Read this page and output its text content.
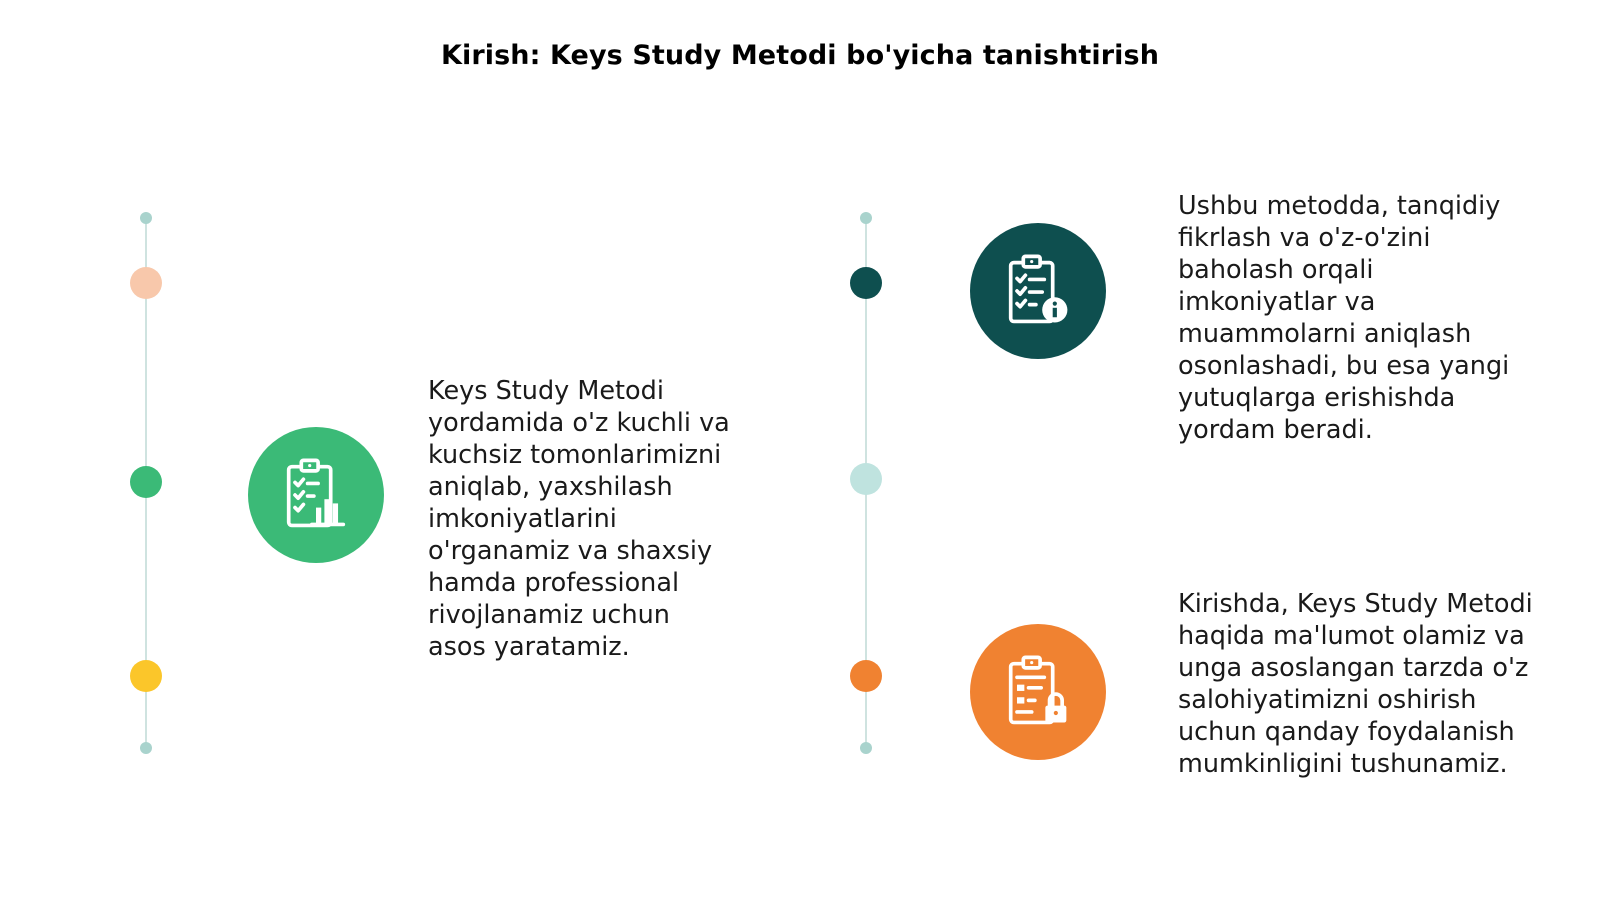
Kirish: Keys Study Metodi bo'yicha tanishtirish

Keys Study Metodi
yordamida o'z kuchli va
kuchsiz tomonlarimizni
aniqlab, yaxshilash
imkoniyatlarini
o'rganamiz va shaxsiy
hamda professional
rivojlanamiz uchun
asos yaratamiz.

Ushbu metodda, tanqidiy
fikrlash va o'z-o'zini
baholash orqali
imkoniyatlar va
muammolarni aniqlash
osonlashadi, bu esa yangi
yutuqlarga erishishda
yordam beradi.

Kirishda, Keys Study Metodi
haqida ma'lumot olamiz va
unga asoslangan tarzda o'z
salohiyatimizni oshirish
uchun qanday foydalanish
mumkinligini tushunamiz.
